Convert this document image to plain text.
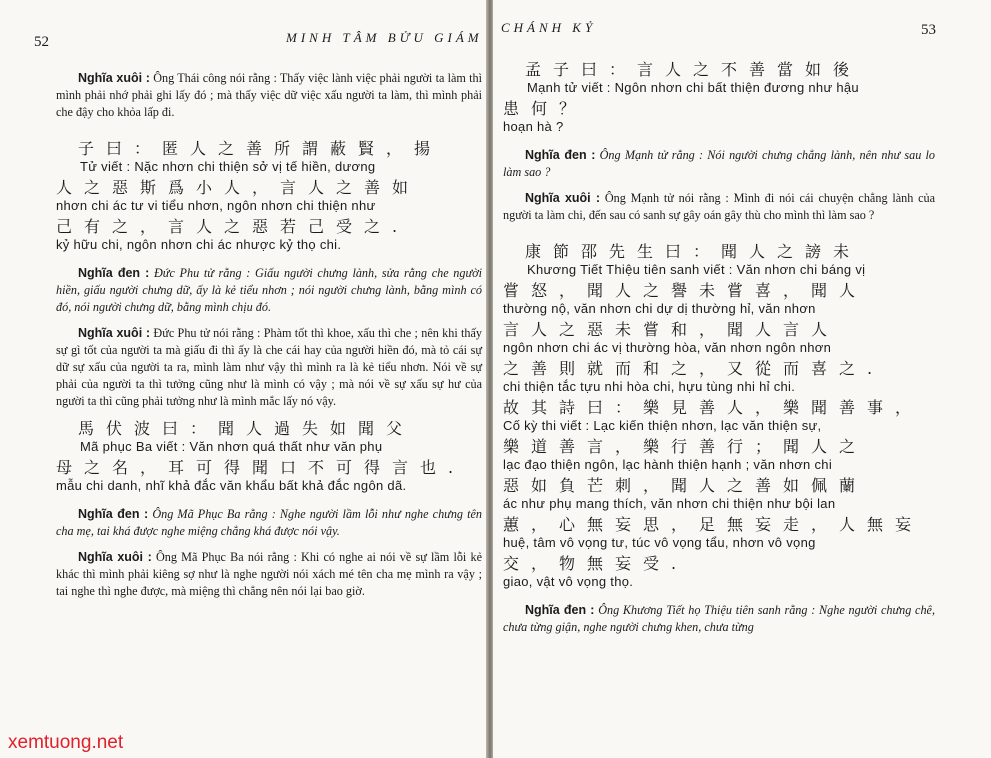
52	MINH TÂM BỬU GIÁM

Nghĩa xuôi : Ông Thái công nói rằng : Thấy việc lành việc phải người ta làm thì mình phải nhớ phải ghi lấy đó ; mà thấy việc dữ việc xấu người ta làm, thì mình phải che đậy cho khỏa lấp đi.

子曰：匿人之善所謂蔽賢，揚
Tử viết : Nặc nhơn chi thiện sở vị tế hiền, dương
人之惡斯爲小人，言人之善如
nhơn chi ác tư vi tiểu nhơn, ngôn nhơn chi thiện như
己有之，言人之惡若己受之.
kỷ hữu chi, ngôn nhơn chi ác nhược kỷ thọ chi.

Nghĩa đen : Đức Phu tử rằng : Giấu người chưng lành, sửa rằng che người hiền, giấu người chưng dữ, ấy là kẻ tiểu nhơn ; nói người chưng lành, bằng mình có đó, nói người chưng dữ, bằng mình chịu đó.

Nghĩa xuôi : Đức Phu tử nói rằng : Phàm tốt thì khoe, xấu thì che ; nên khi thấy sự gì tốt của người ta mà giấu đi thì ấy là che cái hay của người hiền đó, mà tỏ cái sự dữ sự xấu của người ta ra, mình làm như vậy thì mình ra là kẻ tiểu nhơn. Nói về sự phải của người ta thì tưởng cũng như là mình có vậy ; mà nói về sự xấu sự hư của người ta thì cũng phải tưởng như là mình mắc lấy nó vậy.

馬伏波曰：聞人過失如聞父
Mã phục Ba viết : Văn nhơn quá thất như văn phụ
母之名，耳可得聞口不可得言也.
mẫu chi danh, nhĩ khả đắc văn khẩu bất khả đắc ngôn dã.

Nghĩa đen : Ông Mã Phục Ba rằng : Nghe người lầm lỗi như nghe chưng tên cha mẹ, tai khá được nghe miệng chẳng khá được nói vậy.

Nghĩa xuôi : Ông Mã Phục Ba nói rằng : Khi có nghe ai nói về sự lầm lỗi kẻ khác thì mình phải kiêng sợ như là nghe người nói xách mé tên cha mẹ mình ra vậy ; tai nghe thì nghe được, mà miệng thì chẳng nên nói lại bao giờ.

CHÁNH KỶ	53
孟子曰：言人之不善當如後
Mạnh tử viết : Ngôn nhơn chi bất thiện đương như hậu
患何？
hoạn hà ?

Nghĩa đen : Ông Mạnh tử rằng : Nói người chưng chẳng lành, nên như sau lo làm sao ?

Nghĩa xuôi : Ông Mạnh tử nói rằng : Mình đi nói cái chuyện chẳng lành của người ta làm chi, đến sau có sanh sự gây oán gây thù cho mình thì làm sao ?

康節邵先生曰：聞人之謗未
Khương Tiết Thiệu tiên sanh viết : Văn nhơn chi báng vị
嘗怒，聞人之譽未嘗喜，聞人
thường nộ, văn nhơn chi dự dị thường hỉ, văn nhơn
言人之惡未嘗和，聞人言人
ngôn nhơn chi ác vị thường hòa, văn nhơn ngôn nhơn
之善則就而和之，又從而喜之.
chi thiện tắc tựu nhi hòa chi, hựu tùng nhi hỉ chi.
故其詩曰：樂見善人，樂聞善事，
Cố kỳ thi viết : Lạc kiến thiện nhơn, lạc văn thiện sự,
樂道善言，樂行善行；聞人之
lạc đạo thiện ngôn, lạc hành thiện hạnh ; văn nhơn chi
惡如負芒刺，聞人之善如佩蘭
ác như phụ mang thích, văn nhơn chi thiện như bội lan
蕙，心無妄思，足無妄走，人無妄
huệ, tâm vô vọng tư, túc vô vọng tẩu, nhơn vô vọng
交，物無妄受.
giao, vật vô vọng thọ.

Nghĩa đen : Ông Khương Tiết họ Thiệu tiên sanh rằng : Nghe người chưng chê, chưa từng giận, nghe người chưng khen, chưa từng

xemtuong.net
